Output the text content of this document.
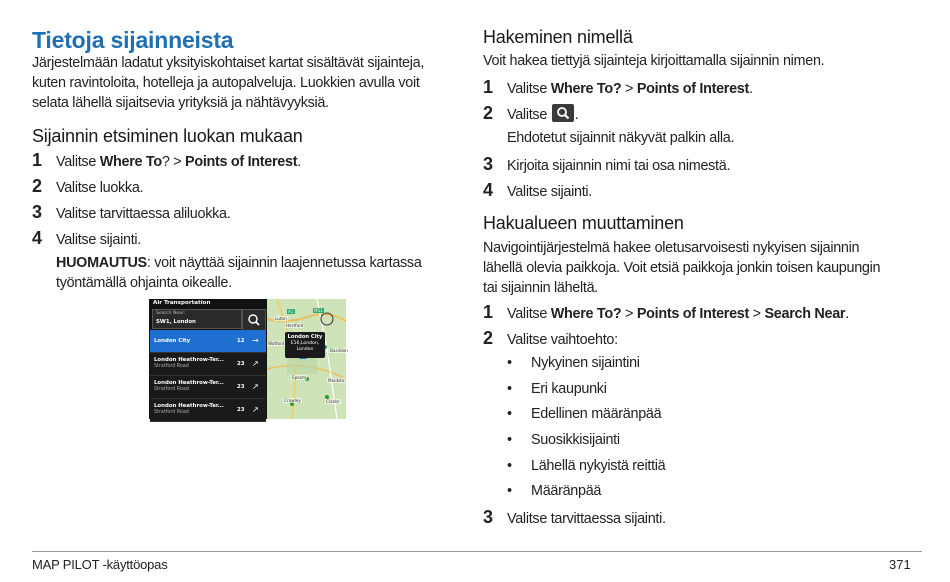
Tietoja sijainneista
Järjestelmään ladatut yksityiskohtaiset kartat sisältävät sijainteja,
kuten ravintoloita, hotelleja ja autopalveluja. Luokkien avulla voit
selata lähellä sijaitsevia yrityksiä ja nähtävyyksiä.
Sijainnin etsiminen luokan mukaan
1 Valitse Where To? > Points of Interest.
2 Valitse luokka.
3 Valitse tarvittaessa aliluokka.
4 Valitse sijainti.
HUOMAUTUS: voit näyttää sijainnin laajennetussa kartassa
työntämällä ohjainta oikealle.
Air Transportation
Search Near:
SW1, London
London City	12 →
London Heathrow-Ter...
Stratford Road	23 ↗
London Heathrow-Ter...
Stratford Road	23 ↗
London Heathrow-Ter...
Stratford Road	23 ↗
Luton
Hertford
Watford
Basildon
Epsom
Maidsto
Crawley	Clanbr
M11
A1
London City
E16,London,
London
Hakeminen nimellä
Voit hakea tiettyjä sijainteja kirjoittamalla sijainnin nimen.
1 Valitse Where To? > Points of Interest.
2 Valitse
.
Ehdotetut sijainnit näkyvät palkin alla.
3 Kirjoita sijainnin nimi tai osa nimestä.
4 Valitse sijainti.
Hakualueen muuttaminen
Navigointijärjestelmä hakee oletusarvoisesti nykyisen sijainnin
lähellä olevia paikkoja. Voit etsiä paikkoja jonkin toisen kaupungin
tai sijainnin läheltä.
1 Valitse Where To? > Points of Interest > Search Near.
2 Valitse vaihtoehto:
• Nykyinen sijaintini
• Eri kaupunki
• Edellinen määränpää
• Suosikkisijainti
• Lähellä nykyistä reittiä
• Määränpää
3 Valitse tarvittaessa sijainti.
MAP PILOT -käyttöopas	371
